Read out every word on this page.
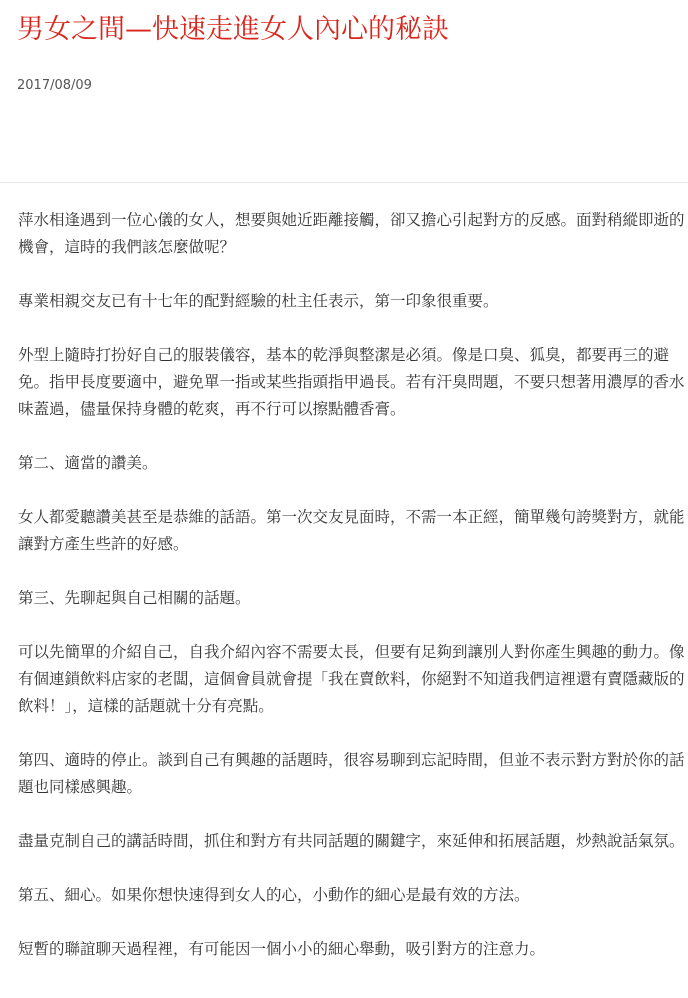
男女之間—快速走進女人內心的秘訣
2017/08/09

萍水相逢遇到一位心儀的女人，想要與她近距離接觸，卻又擔心引起對方的反感。面對稍縱即逝的機會，這時的我們該怎麼做呢？

專業相親交友已有十七年的配對經驗的杜主任表示，第一印象很重要。

外型上隨時打扮好自己的服裝儀容，基本的乾淨與整潔是必須。像是口臭、狐臭，都要再三的避免。指甲長度要適中，避免單一指或某些指頭指甲過長。若有汗臭問題，不要只想著用濃厚的香水味蓋過，儘量保持身體的乾爽，再不行可以擦點體香膏。

第二、適當的讚美。

女人都愛聽讚美甚至是恭維的話語。第一次交友見面時，不需一本正經，簡單幾句誇獎對方，就能讓對方產生些許的好感。

第三、先聊起與自己相關的話題。

可以先簡單的介紹自己，自我介紹內容不需要太長，但要有足夠到讓別人對你產生興趣的動力。像有個連鎖飲料店家的老闆，這個會員就會提「我在賣飲料，你絕對不知道我們這裡還有賣隱藏版的飲料！」，這樣的話題就十分有亮點。

第四、適時的停止。談到自己有興趣的話題時，很容易聊到忘記時間，但並不表示對方對於你的話題也同樣感興趣。

盡量克制自己的講話時間，抓住和對方有共同話題的關鍵字，來延伸和拓展話題，炒熱說話氣氛。

第五、細心。如果你想快速得到女人的心，小動作的細心是最有效的方法。

短暫的聯誼聊天過程裡，有可能因一個小小的細心舉動，吸引對方的注意力。
